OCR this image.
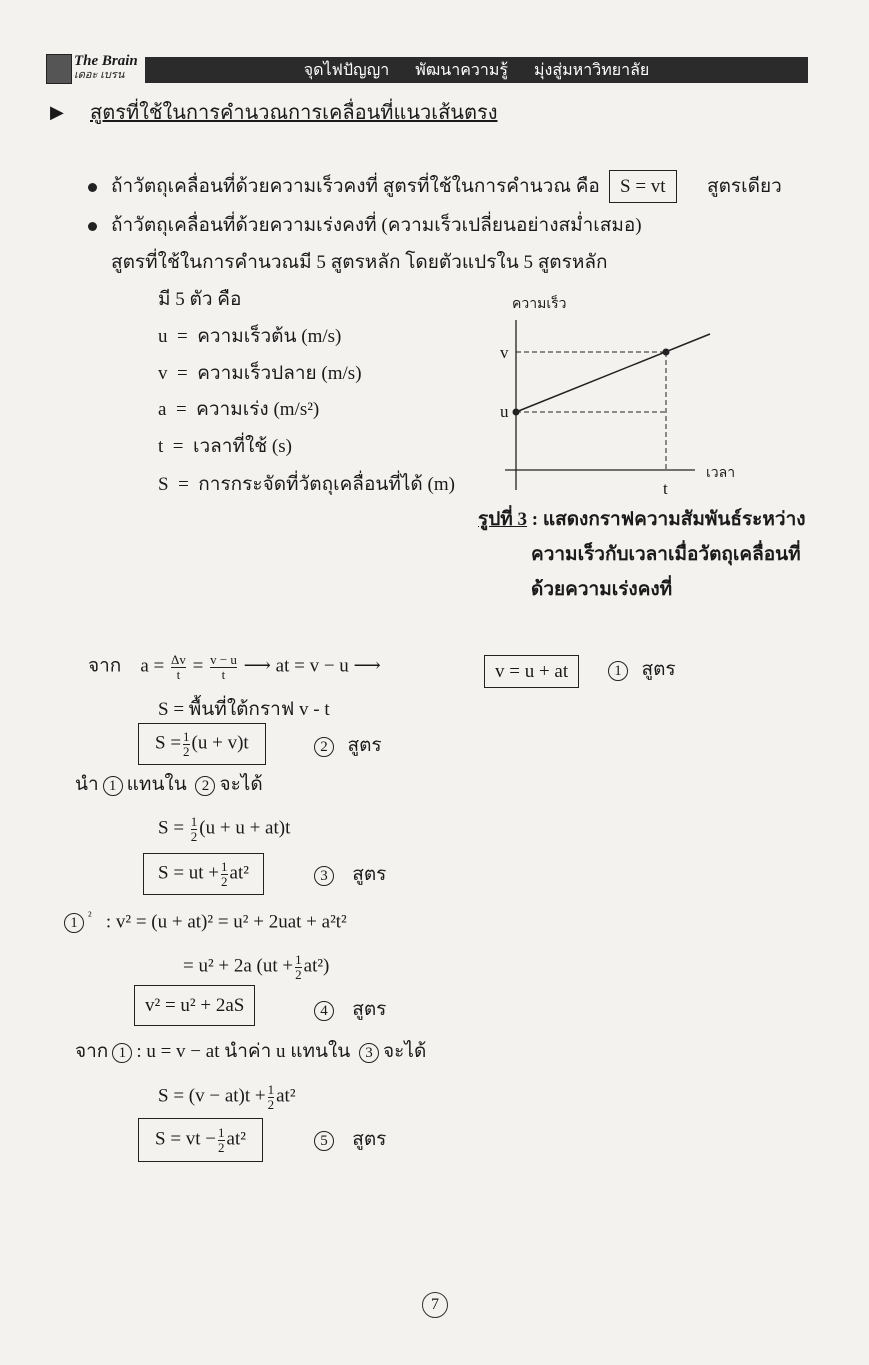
The Brain
เดอะ เบรน	จุดไฟปัญญา พัฒนาความรู้ มุ่งสู่มหาวิทยาลัย
▶ สูตรที่ใช้ในการคำนวณการเคลื่อนที่แนวเส้นตรง
ถ้าวัตถุเคลื่อนที่ด้วยความเร็วคงที่ สูตรที่ใช้ในการคำนวณ คือ	S = vt	สูตรเดียว
ถ้าวัตถุเคลื่อนที่ด้วยความเร่งคงที่ (ความเร็วเปลี่ยนอย่างสม่ำเสมอ)
สูตรที่ใช้ในการคำนวณมี 5 สูตรหลัก โดยตัวแปรใน 5 สูตรหลัก
มี 5 ตัว คือ
u  =  ความเร็วต้น (m/s)
v  =  ความเร็วปลาย (m/s)
a  =  ความเร่ง (m/s²)
t  =  เวลาที่ใช้ (s)
S  =  การกระจัดที่วัตถุเคลื่อนที่ได้ (m)
ความเร็ว
เวลา
v
u
t
รูปที่ 3 : แสดงกราฟความสัมพันธ์ระหว่าง
ความเร็วกับเวลาเมื่อวัตถุเคลื่อนที่
ด้วยความเร่งคงที่
จาก $a = \frac{\Delta v}{t} = \frac{v - u}{t}$ ⟶ at = v − u ⟶	v = u + at	1 สูตร
S = พื้นที่ใต้กราฟ v - t
$S = \frac{1}{2} (u + v)t$	2 สูตร
นำ 1 แทนใน 2 จะได้
$S = \frac{1}{2} (u + u + at)t$
S = ut + $\frac{1}{2} at^2$	3 สูตร
1 $^{^2}$ : v² = (u + at)² = u² + 2uat + a²t²
= u² + 2a $(ut + \frac{1}{2} at^2)$
v² = u² + 2aS	4 สูตร
จาก 1 : u = v − at นำค่า u แทนใน 3 จะได้
$S = (v - at)t + \frac{1}{2} at^2$
S = vt − $\frac{1}{2} at^2$	5 สูตร
7
